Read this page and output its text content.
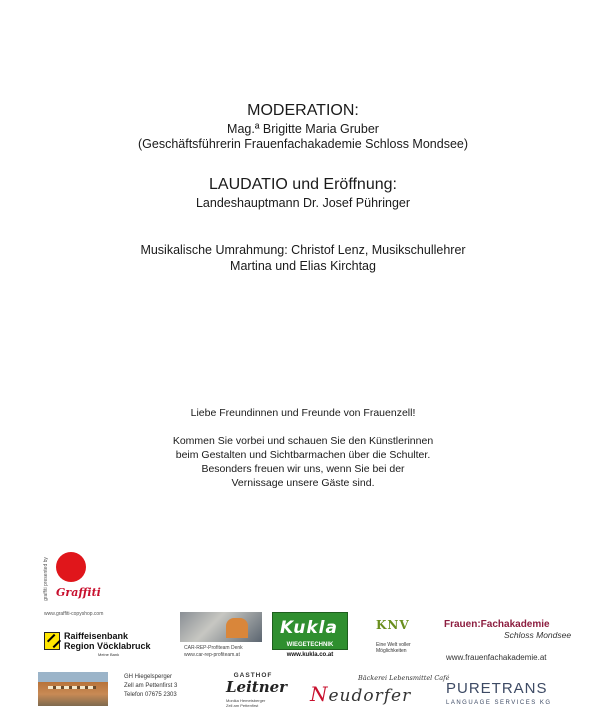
MODERATION:
Mag.ª Brigitte Maria Gruber
(Geschäftsführerin Frauenfachakademie Schloss Mondsee)
LAUDATIO und Eröffnung:
Landeshauptmann Dr. Josef Pühringer
Musikalische Umrahmung: Christof Lenz, Musikschullehrer
Martina und Elias Kirchtag
Liebe Freundinnen und Freunde von Frauenzell!
Kommen Sie vorbei und schauen Sie den Künstlerinnen
beim Gestalten und Sichtbarmachen über die Schulter.
Besonders freuen wir uns, wenn Sie bei der
Vernissage unsere Gäste sind.
graffiti presented by Graffiti
www.graffiti-copyshop.com
Raiffeisenbank
Region Vöcklabruck
Meine Bank
CAR-REP-Profiteam Denk
www.car-rep-profiteam.at
Kukla
WIEGETECHNIK
www.kukla.co.at
KNV
Eine Welt voller
Möglichkeiten
Frauen:Fachakademie
Schloss Mondsee
www.frauenfachakademie.at
GH Hiegelsperger
Zell am Pettenfirst 3
Telefon 07675 2303
GASTHOF
Leitner
Monika Hemetsberger
Zell am Pettenfirst
Bäckerei Lebensmittel Café
Neudorfer PURETRANS
LANGUAGE SERVICES KG
